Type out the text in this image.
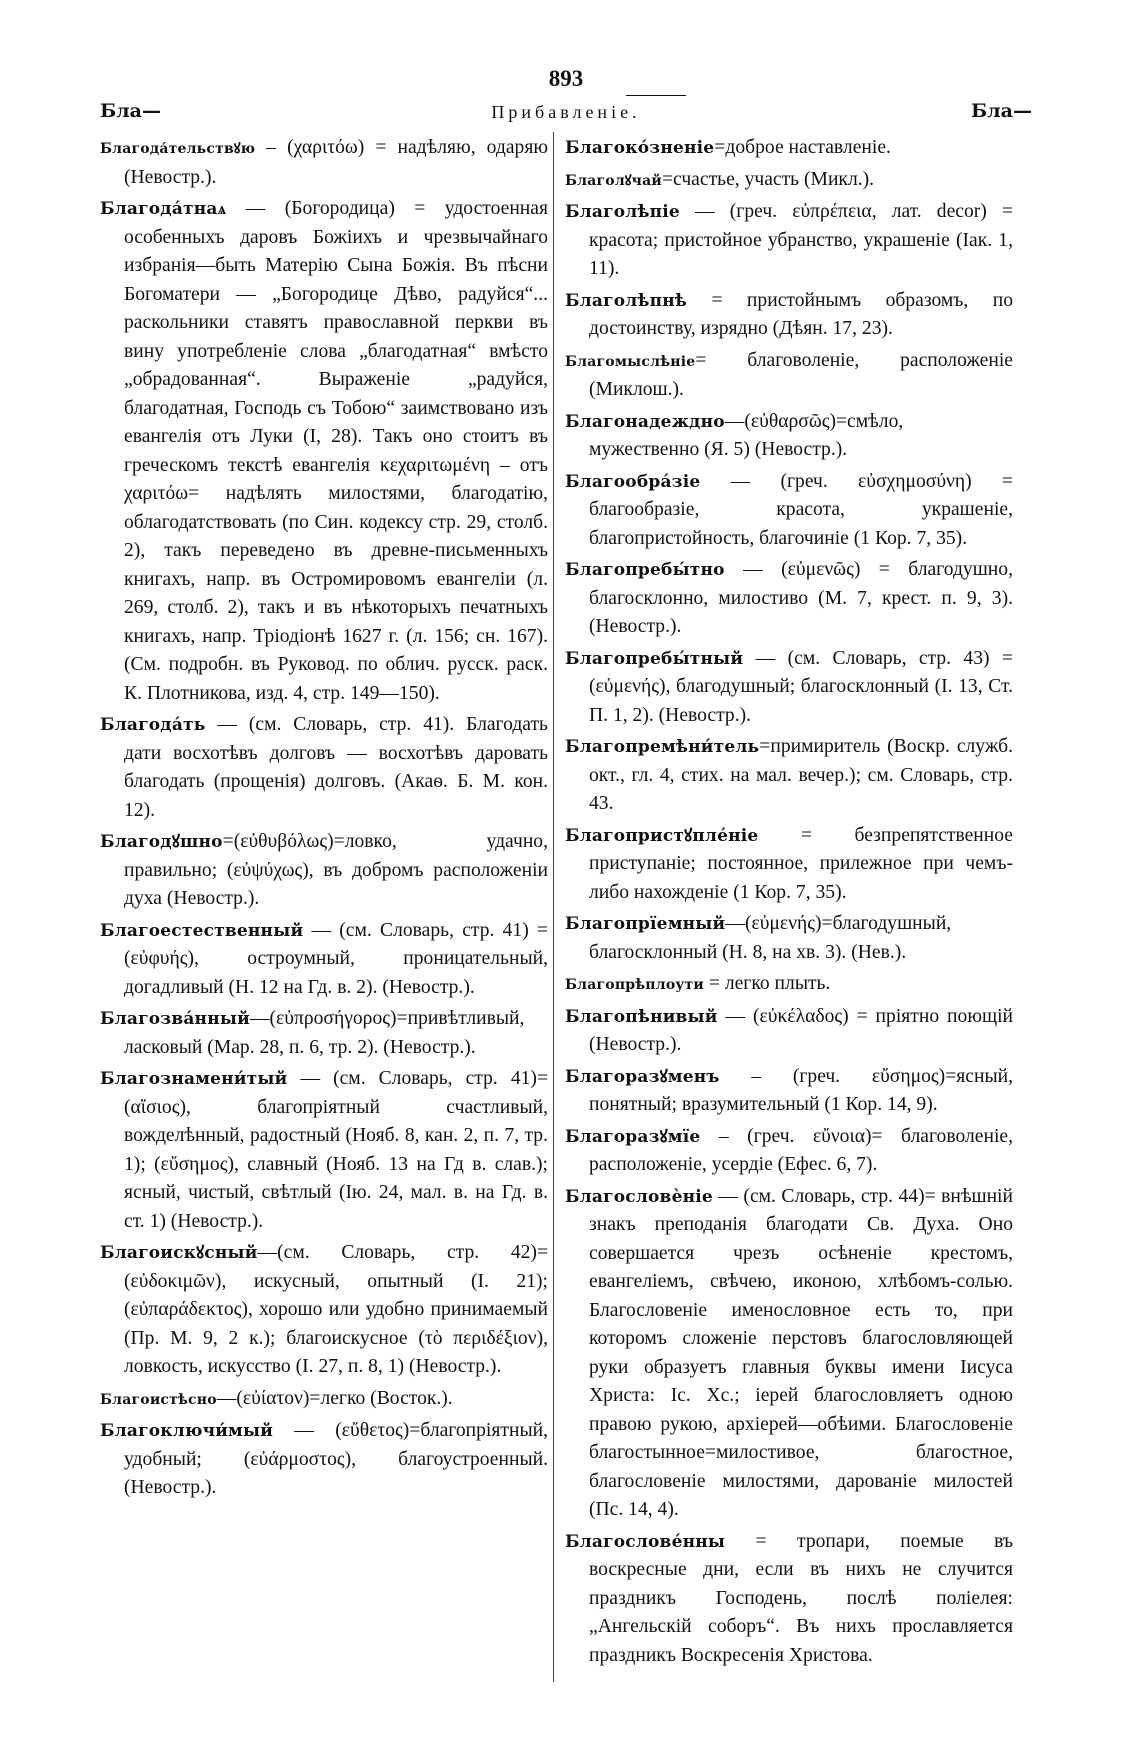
893
Бла—	Прибавленіе.	Бла—

Благода́тельствꙋю – (χαριτόω) = надѣляю, одаряю (Невостр.).

Благода́тнаѧ — (Богородица) = удостоенная особенныхъ даровъ Божіихъ и чрезвычайнаго избранія—быть Матерію Сына Божія. Въ пѣсни Богоматери — „Богородице Дѣво, радуйся“... раскольники ставятъ православной перкви въ вину употребленіе слова „благодатная“ вмѣсто „обрадованная“. Выраженіе „радуйся, благодатная, Господь съ Тобою“ заимствовано изъ евангелія отъ Луки (I, 28). Такъ оно стоитъ въ греческомъ текстѣ евангелія κεχαριτωμένη – отъ χαριτόω= надѣлять милостями, благодатію, облагодатствовать (по Син. кодексу стр. 29, столб. 2), такъ переведено въ древне-письменныхъ книгахъ, напр. въ Остромировомъ евангеліи (л. 269, столб. 2), такъ и въ нѣкоторыхъ печатныхъ книгахъ, напр. Тріодіонѣ 1627 г. (л. 156; сн. 167). (См. подробн. въ Руковод. по облич. русск. раск. К. Плотникова, изд. 4, стр. 149—150).

Благода́ть — (см. Словарь, стр. 41). Благодать дати восхотѣвъ долговъ — восхотѣвъ даровать благодать (прощенія) долговъ. (Акаѳ. Б. М. кон. 12).

Благодꙋшно=(εὐθυβόλως)=ловко, удачно, правильно; (εὐψύχως), въ добромъ расположеніи духа (Невостр.).

Благоестественный — (см. Словарь, стр. 41) = (εὐφυής), остроумный, проницательный, догадливый (Н. 12 на Гд. в. 2). (Невостр.).

Благозва́нный—(εὐπροσήγορος)=привѣтливый, ласковый (Мар. 28, п. 6, тр. 2). (Невостр.).

Благознамени́тый — (см. Словарь, стр. 41)=(αἴσιος), благопріятный счастливый, вожделѣнный, радостный (Нояб. 8, кан. 2, п. 7, тр. 1); (εὔσημος), славный (Нояб. 13 на Гд в. слав.); ясный, чистый, свѣтлый (Ію. 24, мал. в. на Гд. в. ст. 1) (Невостр.).

Благоискꙋсный—(см. Словарь, стр. 42)= (εὐδοκιμῶν), искусный, опытный (I. 21); (εὐπαράδεκτος), хорошо или удобно принимаемый (Пр. М. 9, 2 к.); благоискусное (τὸ περιδέξιον), ловкость, искусство (I. 27, п. 8, 1) (Невостр.).

Благоистѣсно—(εὐίατον)=легко (Восток.).

Благоключи́мый — (εὔθετος)=благопріятный, удобный; (εὐάρμοστος), благоустроенный. (Невостр.).

Благоко́зненіе=доброе наставленіе.

Благолꙋчай=счастье, участь (Микл.).

Благолѣпіе — (греч. εὐπρέπεια, лат. decor) = красота; пристойное убранство, украшеніе (Іак. 1, 11).

Благолѣпнѣ = пристойнымъ образомъ, по достоинству, изрядно (Дѣян. 17, 23).

Благомыслѣніе= благоволеніе, расположеніе (Миклош.).

Благонадеждно—(εὐθαρσῶς)=смѣло, мужественно (Я. 5) (Невостр.).

Благообра́зіе — (греч. εὐσχημοσύνη) = благообразіе, красота, украшеніе, благопристойность, благочиніе (1 Кор. 7, 35).

Благопребы́тно — (εὐμενῶς) = благодушно, благосклонно, милостиво (М. 7, крест. п. 9, 3). (Невостр.).

Благопребы́тный — (см. Словарь, стр. 43) = (εὐμενής), благодушный; благосклонный (І. 13, Ст. П. 1, 2). (Невостр.).

Благопремѣни́тель=примиритель (Воскр. служб. окт., гл. 4, стих. на мал. вечер.); см. Словарь, стр. 43.

Благопристꙋпле́ніе = безпрепятственное приступаніе; постоянное, прилежное при чемъ-либо нахожденіе (1 Кор. 7, 35).

Благопрїемный—(εὐμενής)=благодушный, благосклонный (Н. 8, на хв. 3). (Нев.).

Благопрѣплоути = легко плыть.

Благопѣнивый — (εὐκέλαδος) = пріятно поющій (Невостр.).

Благоразꙋменъ – (греч. εὔσημος)=ясный, понятный; вразумительный (1 Кор. 14, 9).

Благоразꙋмїе – (греч. εὔνοια)= благоволеніе, расположеніе, усердіе (Ефес. 6, 7).

Благословѐніе — (см. Словарь, стр. 44)= внѣшній знакъ преподанія благодати Св. Духа. Оно совершается чрезъ осѣненіе крестомъ, евангеліемъ, свѣчею, иконою, хлѣбомъ-солью. Благословеніе именословное есть то, при которомъ сложеніе перстовъ благословляющей руки образуетъ главныя буквы имени Іисуса Христа: Іс. Хс.; іерей благословляетъ одною правою рукою, архіерей—обѣими. Благословеніе благостынное=милостивое, благостное, благословеніе милостями, дарованіе милостей (Пс. 14, 4).

Благослове́нны = тропари, поемые въ воскресные дни, если въ нихъ не случится праздникъ Господень, послѣ поліелея: „Ангельскій соборъ“. Въ нихъ прославляется праздникъ Воскресенія Христова.
